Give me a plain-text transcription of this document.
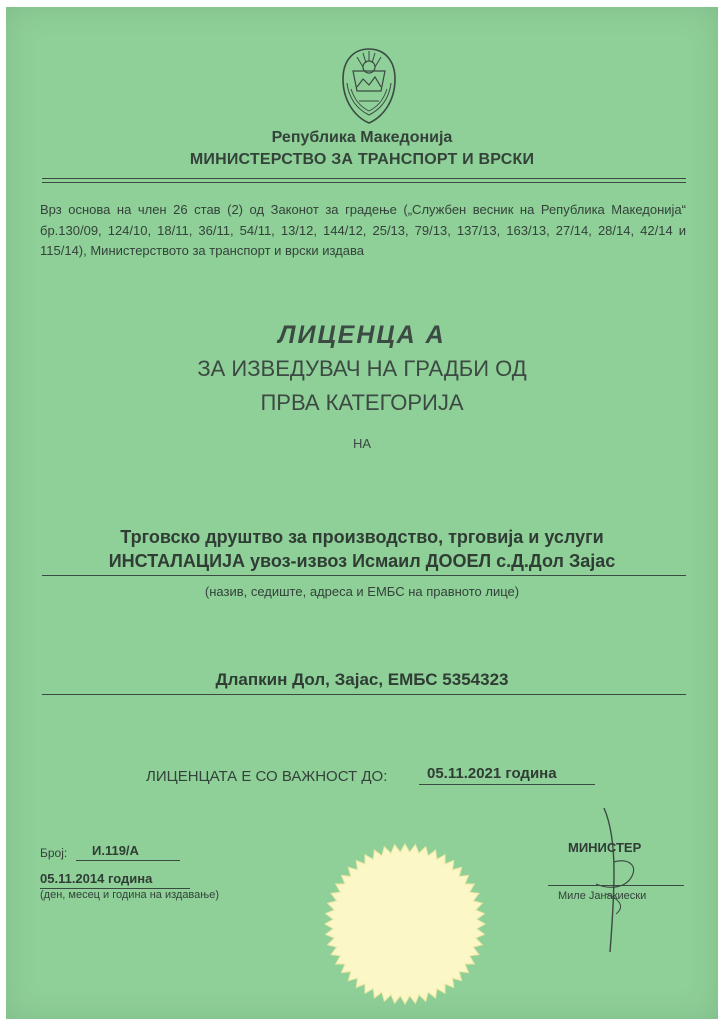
Република Македонија
МИНИСТЕРСТВО ЗА ТРАНСПОРТ И ВРСКИ
Врз основа на член 26 став (2) од Законот за градење („Службен весник на Република Македонија“ бр.130/09, 124/10, 18/11, 36/11, 54/11, 13/12, 144/12, 25/13, 79/13, 137/13, 163/13, 27/14, 28/14, 42/14 и 115/14), Министерството за транспорт и врски издава
ЛИЦЕНЦА А
ЗА ИЗВЕДУВАЧ НА ГРАДБИ ОД
ПРВА КАТЕГОРИЈА
НА
Трговско друштво за производство, трговија и услуги
ИНСТАЛАЦИЈА увоз-извоз Исмаил ДООЕЛ с.Д.Дол Зајас
(назив, седиште, адреса и ЕМБС на правното лице)
Длапкин Дол, Зајас, ЕМБС 5354323
ЛИЦЕНЦАТА Е СО ВАЖНОСТ ДО:	05.11.2021 година
Број:	И.119/А
05.11.2014 година
(ден, месец и година на издавање)
МИНИСТЕР
Миле Јанакиески
